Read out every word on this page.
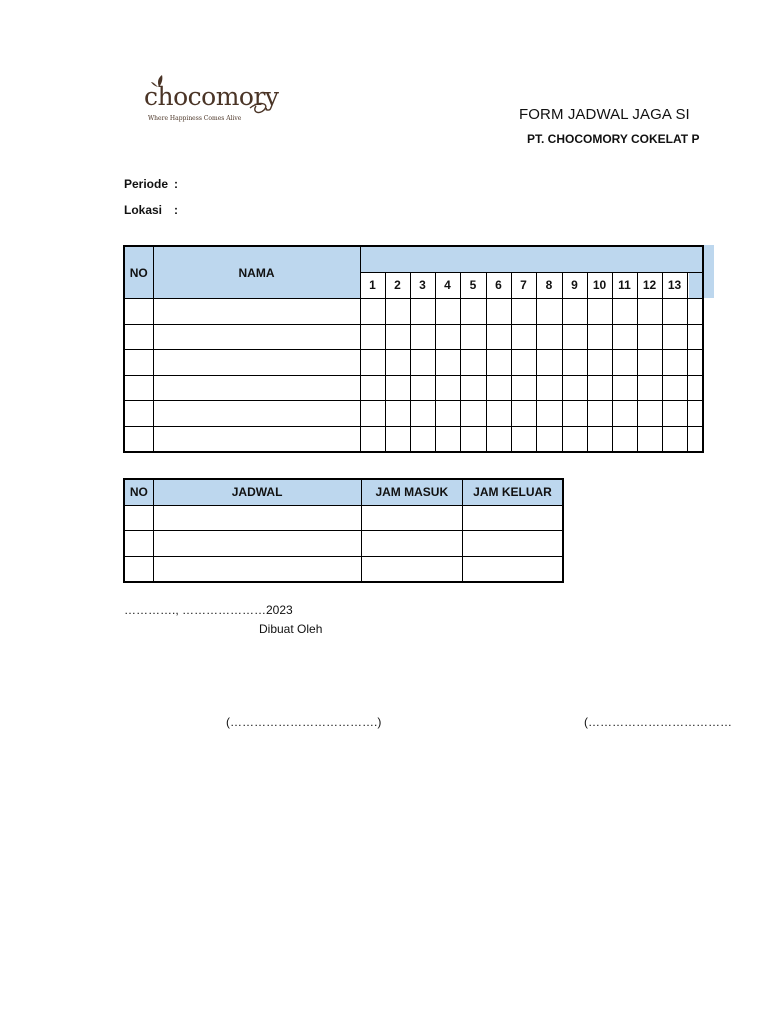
chocomory
Where Happiness Comes Alive	FORM JADWAL JAGA SI
PT. CHOCOMORY COKELAT P
Periode :
Lokasi :
NO	NAMA														
		1	2	3	4	5	6	7	8	9	10	11	12	13	

NO	JADWAL	JAM MASUK	JAM KELUAR

…………., …………………2023
Dibuat Oleh
(……………………………….)	(………………………………
